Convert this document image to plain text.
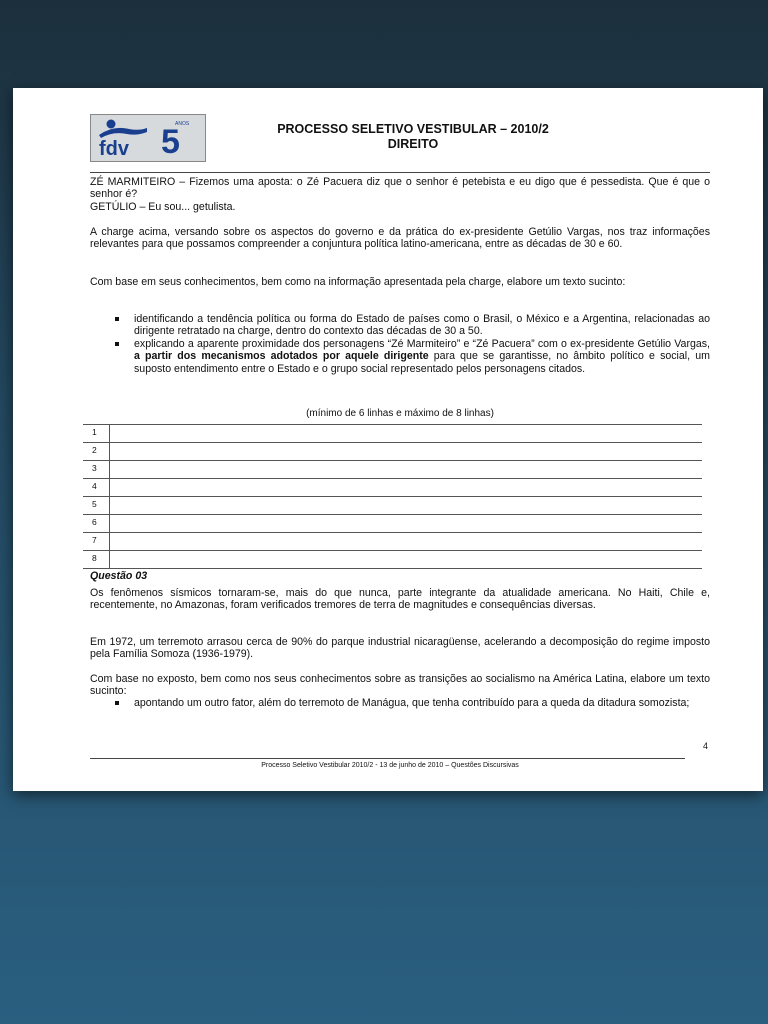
fdv 5
ANOS	PROCESSO SELETIVO VESTIBULAR – 2010/2
DIREITO

ZÉ MARMITEIRO – Fizemos uma aposta: o Zé Pacuera diz que o senhor é petebista e eu digo que é pessedista. Que é que o senhor é?

GETÚLIO – Eu sou... getulista.

A charge acima, versando sobre os aspectos do governo e da prática do ex-presidente Getúlio Vargas, nos traz informações relevantes para que possamos compreender a conjuntura política latino-americana, entre as décadas de 30 e 60.
Com base em seus conhecimentos, bem como na informação apresentada pela charge, elabore um texto sucinto:
identificando a tendência política ou forma do Estado de países como o Brasil, o México e a Argentina, relacionadas ao dirigente retratado na charge, dentro do contexto das décadas de 30 a 50.
explicando a aparente proximidade dos personagens “Zé Marmiteiro” e “Zé Pacuera” com o ex-presidente Getúlio Vargas, a partir dos mecanismos adotados por aquele dirigente para que se garantisse, no âmbito político e social, um suposto entendimento entre o Estado e o grupo social representado pelos personagens citados.
(mínimo de 6 linhas e máximo de 8 linhas)
1
2
3
4
5
6
7
8
Questão 03
Os fenômenos sísmicos tornaram-se, mais do que nunca, parte integrante da atualidade americana. No Haiti, Chile e, recentemente, no Amazonas, foram verificados tremores de terra de magnitudes e consequências diversas.
Em 1972, um terremoto arrasou cerca de 90% do parque industrial nicaragüense, acelerando a decomposição do regime imposto pela Família Somoza (1936-1979).
Com base no exposto, bem como nos seus conhecimentos sobre as transições ao socialismo na América Latina, elabore um texto sucinto:
apontando um outro fator, além do terremoto de Manágua, que tenha contribuído para a queda da ditadura somozista;
4
Processo Seletivo Vestibular 2010/2 - 13 de junho de 2010 – Questões Discursivas
